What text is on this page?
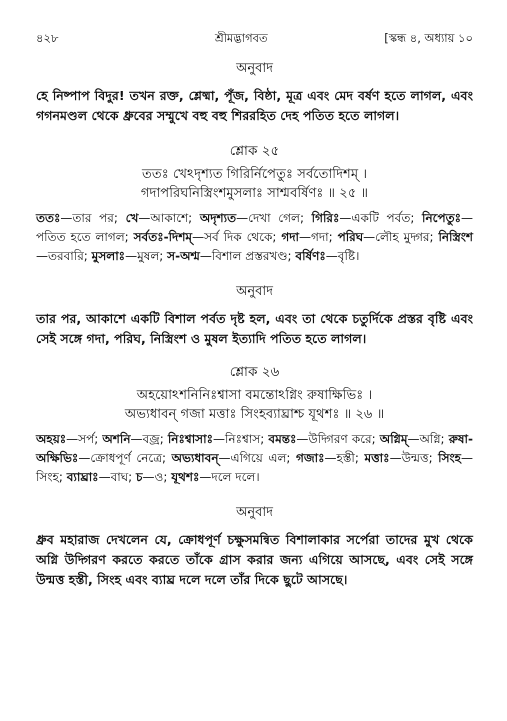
৪২৮	শ্রীমদ্ভাগবত	[স্কন্ধ ৪, অধ্যায় ১০
অনুবাদ
হে নিষ্পাপ বিদুর! তখন রক্ত, শ্লেষ্মা, পূঁজ, বিষ্ঠা, মূত্র এবং মেদ বর্ষণ হতে লাগল, এবং গগনমণ্ডল থেকে ধ্রুবের সম্মুখে বহু বহু শিররহিত দেহ পতিত হতে লাগল।
শ্লোক ২৫
ততঃ খেঽদৃশ্যত গিরির্নিপেতুঃ সর্বতোদিশম্ ।
গদাপরিঘনিস্ত্রিংশমুসলাঃ সাশ্মবর্ষিণঃ ॥ ২৫ ॥
ততঃ—তার পর; খে—আকাশে; অদৃশ্যত—দেখা গেল; গিরিঃ—একটি পর্বত; নিপেতুঃ—পতিত হতে লাগল; সর্বতঃ-দিশম্—সর্ব দিক থেকে; গদা—গদা; পরিঘ—লৌহ মুদ্গর; নিস্ত্রিংশ—তরবারি; মুসলাঃ—মুষল; স-অশ্ম—বিশাল প্রস্তরখণ্ড; বর্ষিণঃ—বৃষ্টি।
অনুবাদ
তার পর, আকাশে একটি বিশাল পর্বত দৃষ্ট হল, এবং তা থেকে চতুর্দিকে প্রস্তর বৃষ্টি এবং সেই সঙ্গে গদা, পরিঘ, নিস্ত্রিংশ ও মুষল ইত্যাদি পতিত হতে লাগল।
শ্লোক ২৬
অহয়োঽশনিনিঃশ্বাসা বমন্তোঽগ্নিং রুষাক্ষিভিঃ ।
অভ্যধাবন্ গজা মত্তাঃ সিংহব্যাঘ্রাশ্চ যূথশঃ ॥ ২৬ ॥
অহয়ঃ—সর্প; অশনি—বজ্র; নিঃশ্বাসাঃ—নিঃশ্বাস; বমন্তঃ—উদ্গিরণ করে; অগ্নিম্—অগ্নি; রুষা-অক্ষিভিঃ—ক্রোধপূর্ণ নেত্রে; অভ্যধাবন্—এগিয়ে এল; গজাঃ—হস্তী; মত্তাঃ—উন্মত্ত; সিংহ—সিংহ; ব্যাঘ্রাঃ—বাঘ; চ—ও; যূথশঃ—দলে দলে।
অনুবাদ
ধ্রুব মহারাজ দেখলেন যে, ক্রোধপূর্ণ চক্ষুসমন্বিত বিশালাকার সর্পেরা তাদের মুখ থেকে অগ্নি উদ্গিরণ করতে করতে তাঁকে গ্রাস করার জন্য এগিয়ে আসছে, এবং সেই সঙ্গে উন্মত্ত হস্তী, সিংহ এবং ব্যাঘ্র দলে দলে তাঁর দিকে ছুটে আসছে।
